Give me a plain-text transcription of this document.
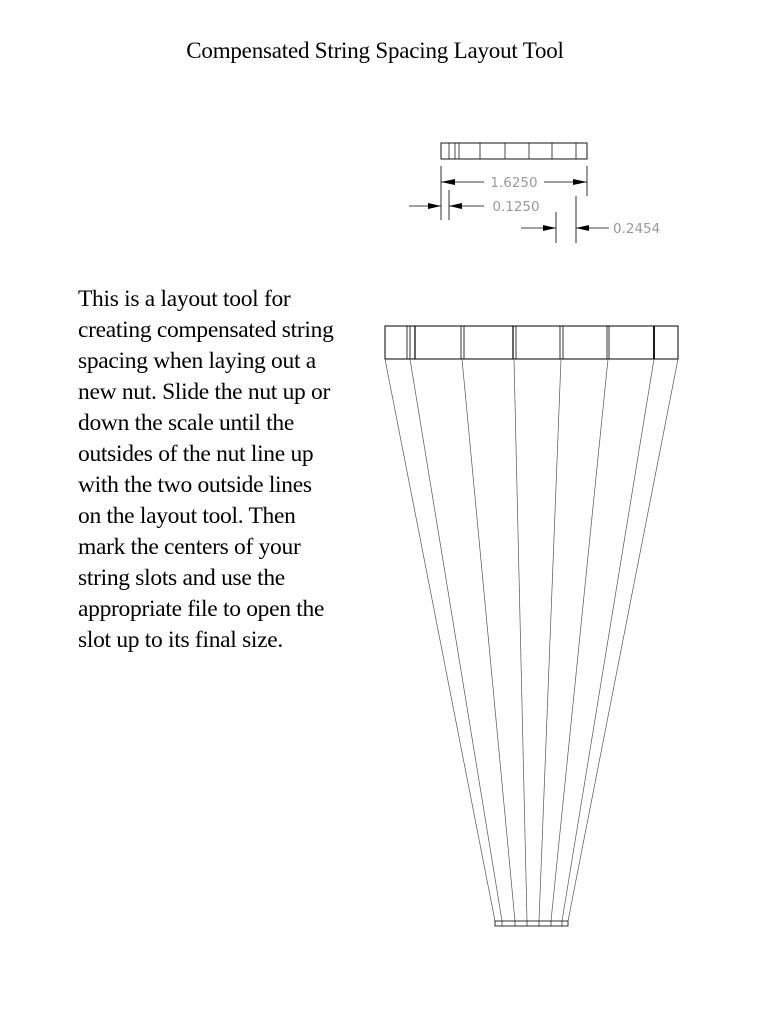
Compensated String Spacing Layout Tool

This is a layout tool for creating compensated string spacing when laying out a new nut. Slide the nut up or down the scale until the outsides of the nut line up with the two outside lines on the layout tool. Then mark the centers of your string slots and use the appropriate file to open the slot up to its final size.

1.6250
0.1250
0.2454
